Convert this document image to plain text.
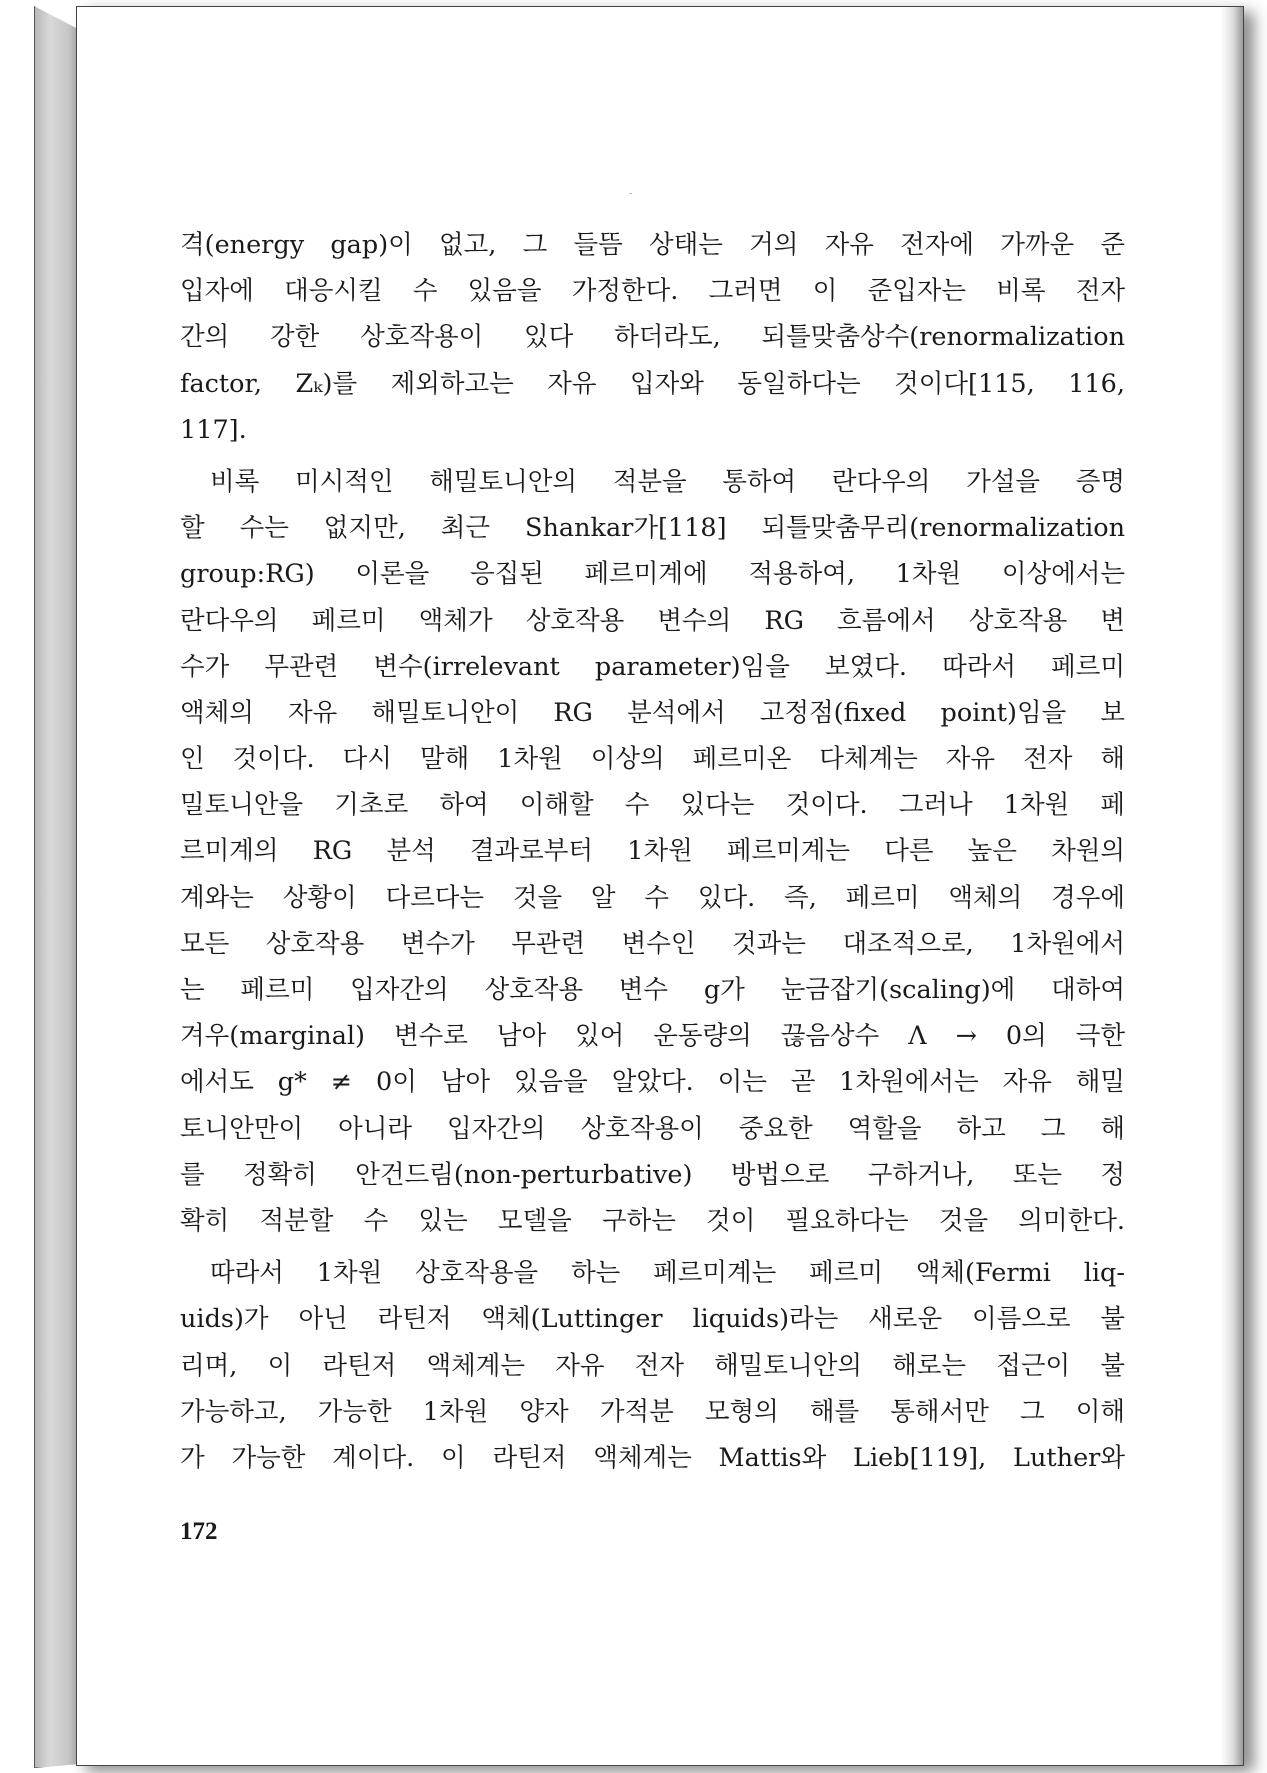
격(energy gap)이 없고, 그 들뜸 상태는 거의 자유 전자에 가까운 준
입자에 대응시킬 수 있음을 가정한다. 그러면 이 준입자는 비록 전자
간의 강한 상호작용이 있다 하더라도, 되틀맞춤상수(renormalization
factor, Zₖ)를 제외하고는 자유 입자와 동일하다는 것이다[115, 116,
117].
비록 미시적인 해밀토니안의 적분을 통하여 란다우의 가설을 증명
할 수는 없지만, 최근 Shankar가[118] 되틀맞춤무리(renormalization
group:RG) 이론을 응집된 페르미계에 적용하여, 1차원 이상에서는
란다우의 페르미 액체가 상호작용 변수의 RG 흐름에서 상호작용 변
수가 무관련 변수(irrelevant parameter)임을 보였다. 따라서 페르미
액체의 자유 해밀토니안이 RG 분석에서 고정점(fixed point)임을 보
인 것이다. 다시 말해 1차원 이상의 페르미온 다체계는 자유 전자 해
밀토니안을 기초로 하여 이해할 수 있다는 것이다. 그러나 1차원 페
르미계의 RG 분석 결과로부터 1차원 페르미계는 다른 높은 차원의
계와는 상황이 다르다는 것을 알 수 있다. 즉, 페르미 액체의 경우에
모든 상호작용 변수가 무관련 변수인 것과는 대조적으로, 1차원에서
는 페르미 입자간의 상호작용 변수 g가 눈금잡기(scaling)에 대하여
겨우(marginal) 변수로 남아 있어 운동량의 끊음상수 Λ → 0의 극한
에서도 g* ≠ 0이 남아 있음을 알았다. 이는 곧 1차원에서는 자유 해밀
토니안만이 아니라 입자간의 상호작용이 중요한 역할을 하고 그 해
를 정확히 안건드림(non-perturbative) 방법으로 구하거나, 또는 정
확히 적분할 수 있는 모델을 구하는 것이 필요하다는 것을 의미한다.
따라서 1차원 상호작용을 하는 페르미계는 페르미 액체(Fermi liq-
uids)가 아닌 라틴저 액체(Luttinger liquids)라는 새로운 이름으로 불
리며, 이 라틴저 액체계는 자유 전자 해밀토니안의 해로는 접근이 불
가능하고, 가능한 1차원 양자 가적분 모형의 해를 통해서만 그 이해
가 가능한 계이다. 이 라틴저 액체계는 Mattis와 Lieb[119], Luther와
172
